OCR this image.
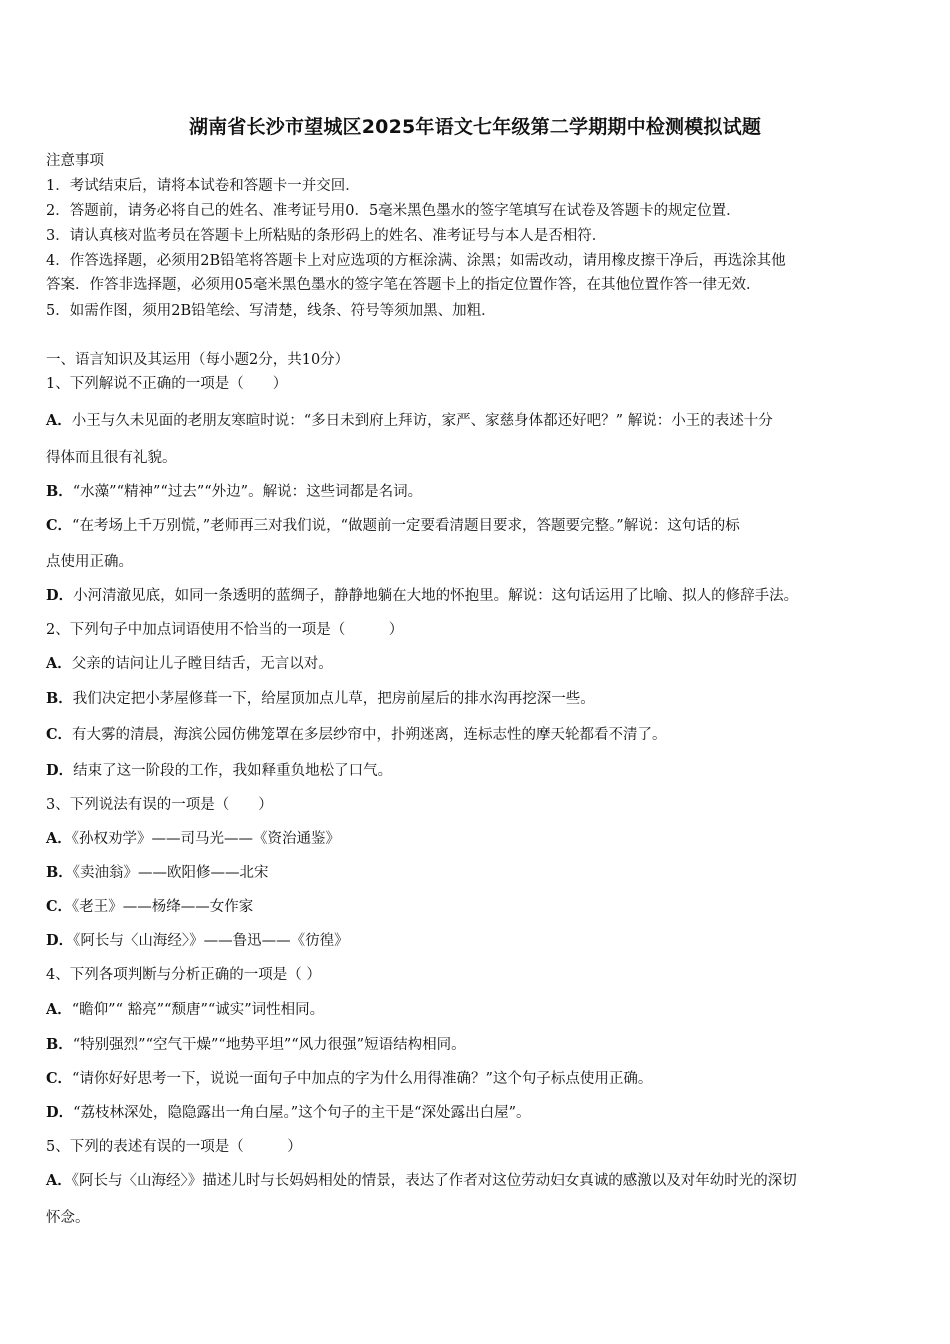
湖南省长沙市望城区2025年语文七年级第二学期期中检测模拟试题
注意事项
1．考试结束后，请将本试卷和答题卡一并交回．
2．答题前，请务必将自己的姓名、准考证号用0．5毫米黑色墨水的签字笔填写在试卷及答题卡的规定位置．
3．请认真核对监考员在答题卡上所粘贴的条形码上的姓名、准考证号与本人是否相符．
4．作答选择题，必须用2B铅笔将答题卡上对应选项的方框涂满、涂黑；如需改动，请用橡皮擦干净后，再选涂其他
答案．作答非选择题，必须用05毫米黑色墨水的签字笔在答题卡上的指定位置作答，在其他位置作答一律无效．
5．如需作图，须用2B铅笔绘、写清楚，线条、符号等须加黑、加粗．
一、语言知识及其运用（每小题2分，共10分）
1、下列解说不正确的一项是（　　）
A．小王与久未见面的老朋友寒暄时说：“多日未到府上拜访，家严、家慈身体都还好吧？” 解说：小王的表述十分
得体而且很有礼貌。
B．“水藻”“精神”“过去”“外边”。解说：这些词都是名词。
C．“在考场上千万别慌，”老师再三对我们说，“做题前一定要看清题目要求，答题要完整。”解说：这句话的标
点使用正确。
D．小河清澈见底，如同一条透明的蓝绸子，静静地躺在大地的怀抱里。解说：这句话运用了比喻、拟人的修辞手法。
2、下列句子中加点词语使用不恰当的一项是（　　　）
A．父亲的诘问让儿子瞠目结舌，无言以对。
B．我们决定把小茅屋修葺一下，给屋顶加点儿草，把房前屋后的排水沟再挖深一些。
C．有大雾的清晨，海滨公园仿佛笼罩在多层纱帘中，扑朔迷离，连标志性的摩天轮都看不清了。
D．结束了这一阶段的工作，我如释重负地松了口气。
3、下列说法有误的一项是（　　）
A．《孙权劝学》——司马光——《资治通鉴》
B．《卖油翁》——欧阳修——北宋
C．《老王》——杨绛——女作家
D．《阿长与〈山海经〉》——鲁迅——《彷徨》
4、下列各项判断与分析正确的一项是（ ）
A．“瞻仰”“ 豁亮”“颓唐”“诚实”词性相同。
B．“特别强烈”“空气干燥”“地势平坦”“风力很强”短语结构相同。
C．“请你好好思考一下，说说一面句子中加点的字为什么用得准确？”这个句子标点使用正确。
D．“荔枝林深处，隐隐露出一角白屋。”这个句子的主干是“深处露出白屋”。
5、下列的表述有误的一项是（　　　）
A．《阿长与〈山海经〉》描述儿时与长妈妈相处的情景，表达了作者对这位劳动妇女真诚的感激以及对年幼时光的深切
怀念。
